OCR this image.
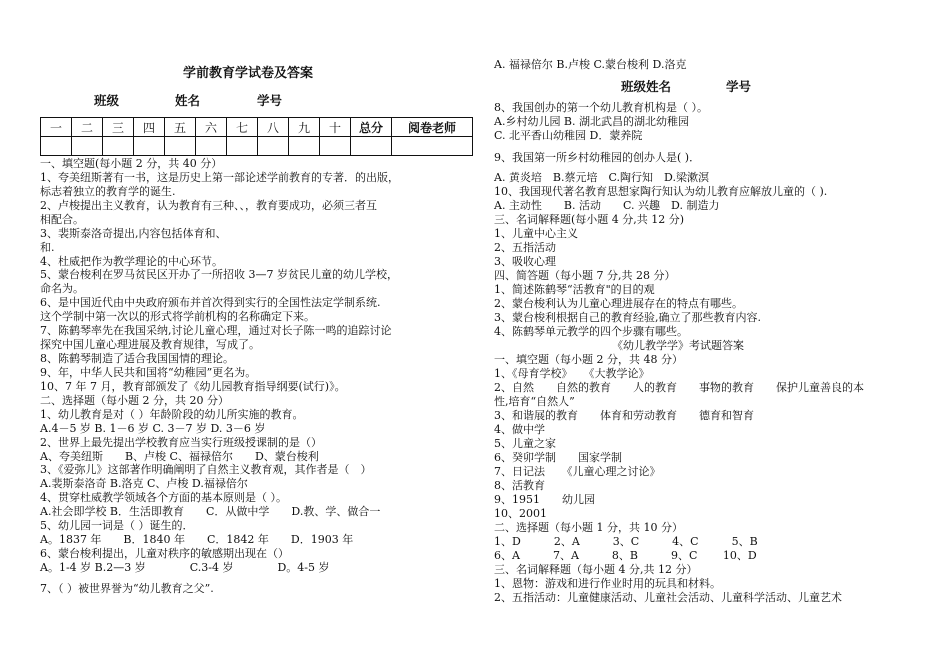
学前教育学试卷及答案
班级	姓名	学号
一	二	三	四	五	六	七	八	九	十	总分	阅卷老师

一、填空题(每小题 2 分，共 40 分）
1、夸美纽斯著有一书，这是历史上第一部论述学前教育的专著．的出版，
标志着独立的教育学的诞生.
2、卢梭提出主义教育，认为教育有三种、、，教育要成功，必须三者互
相配合。
3、裴斯泰洛奇提出,内容包括体育和、
和.
4、杜威把作为教学理论的中心环节。
5、蒙台梭利在罗马贫民区开办了一所招收 3—7 岁贫民儿童的幼儿学校，
命名为。
6、是中国近代由中央政府颁布并首次得到实行的全国性法定学制系统.
这个学制中第一次以的形式将学前机构的名称确定下来。
7、陈鹤琴率先在我国采纳,讨论儿童心理，通过对长子陈一鸣的追踪讨论
探究中国儿童心理进展及教育规律，写成了。
8、陈鹤琴制造了适合我国国情的理论。
9、年，中华人民共和国将“幼稚园”更名为。
10、7 年 7 月，教育部颁发了《幼儿园教育指导纲要(试行)》。
二、选择题（每小题 2 分，共 20 分）
1、幼儿教育是对（ ）年龄阶段的幼儿所实施的教育。
A.4－5 岁 B. 1－6 岁 C. 3－7 岁 D. 3－6 岁
2、世界上最先提出学校教育应当实行班级授课制的是（）
A、夸美纽斯　　B、卢梭 C、福禄倍尔　　D、蒙台梭利
3、《爱弥儿》这部著作明确阐明了自然主义教育观，其作者是（　）
A.裴斯泰洛奇 B.洛克 C、卢梭 D.福禄倍尔
4、贯穿杜威教学领域各个方面的基本原则是（ ）。
A.社会即学校 B．生活即教育　　C．从做中学　　D.教、学、做合一
5、幼儿园一词是（ ）诞生的．
A。1837 年　　B．1840 年　　C．1842 年　　D．1903 年
6、蒙台梭利提出，儿童对秩序的敏感期出现在（）
A。1-4 岁 B.2—3 岁　　　　C.3-4 岁　　　　D。4-5 岁
7、（ ）被世界誉为“幼儿教育之父”.
A. 福禄倍尔 B.卢梭 C.蒙台梭利 D.洛克
班级姓名	学号
8、我国创办的第一个幼儿教育机构是（ ）。
A.乡村幼儿园 B. 湖北武昌的湖北幼稚园
C. 北平香山幼稚园 D．蒙养院
9、我国第一所乡村幼稚园的创办人是( )．
A. 黄炎培　B.蔡元培　C.陶行知　D.梁漱溟
10、我国现代著名教育思想家陶行知认为幼儿教育应解放儿童的（ ).
A. 主动性　　B. 活动　　C. 兴趣　D. 制造力
三、名词解释题(每小题 4 分,共 12 分)
1、儿童中心主义
2、五指活动
3、吸收心理
四、简答题（每小题 7 分,共 28 分）
1、简述陈鹤琴“活教育"的目的观
2、蒙台梭利认为儿童心理进展存在的特点有哪些。
3、蒙台梭利根据自己的教育经验,确立了那些教育内容.
4、陈鹤琴单元教学的四个步骤有哪些。
《幼儿教学学》考试题答案
一、填空题（每小题 2 分，共 48 分）
1、《母育学校》　　《大教学论》
2、自然　　自然的教育　　人的教育　　事物的教育　　保护儿童善良的本
性,培育“自然人”
3、和谐展的教育　　体育和劳动教育　　德育和智育
4、做中学
5、儿童之家
6、癸卯学制　　国家学制
7、日记法　　《儿童心理之讨论》
8、活教育
9、1951　　幼儿园
10、2001
二、选择题（每小题 1 分，共 10 分）
1、D　　　2、A　　　3、C　　　4、C　　　5、B
6、A　　　7、A　　　8、B　　　9、C　　 10、D
三、名词解释题（每小题 4 分,共 12 分）
1、恩物：游戏和进行作业时用的玩具和材料。
2、五指活动：儿童健康活动、儿童社会活动、儿童科学活动、儿童艺术
